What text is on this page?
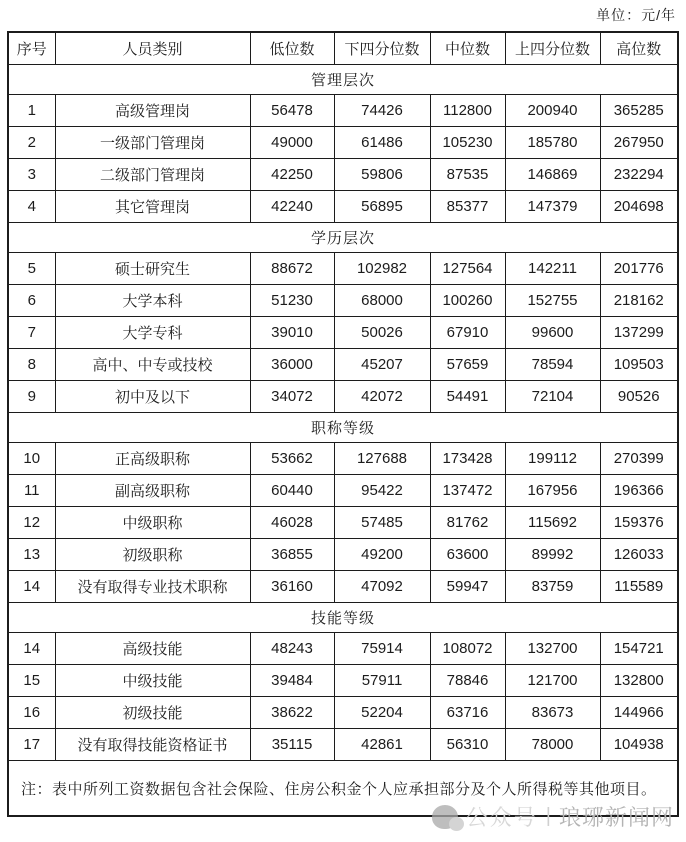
单位：元/年
序号	人员类别	低位数	下四分位数	中位数	上四分位数	高位数
管理层次						
1	高级管理岗	56478	74426	112800	200940	365285
2	一级部门管理岗	49000	61486	105230	185780	267950
3	二级部门管理岗	42250	59806	87535	146869	232294
4	其它管理岗	42240	56895	85377	147379	204698
学历层次						
5	硕士研究生	88672	102982	127564	142211	201776
6	大学本科	51230	68000	100260	152755	218162
7	大学专科	39010	50026	67910	99600	137299
8	高中、中专或技校	36000	45207	57659	78594	109503
9	初中及以下	34072	42072	54491	72104	90526
职称等级						
10	正高级职称	53662	127688	173428	199112	270399
11	副高级职称	60440	95422	137472	167956	196366
12	中级职称	46028	57485	81762	115692	159376
13	初级职称	36855	49200	63600	89992	126033
14	没有取得专业技术职称	36160	47092	59947	83759	115589
技能等级						
14	高级技能	48243	75914	108072	132700	154721
15	中级技能	39484	57911	78846	121700	132800
16	初级技能	38622	52204	63716	83673	144966
17	没有取得技能资格证书	35115	42861	56310	78000	104938
注：表中所列工资数据包含社会保险、住房公积金个人应承担部分及个人所得税等其他项目。						
公众号 | 琅琊新闻网
